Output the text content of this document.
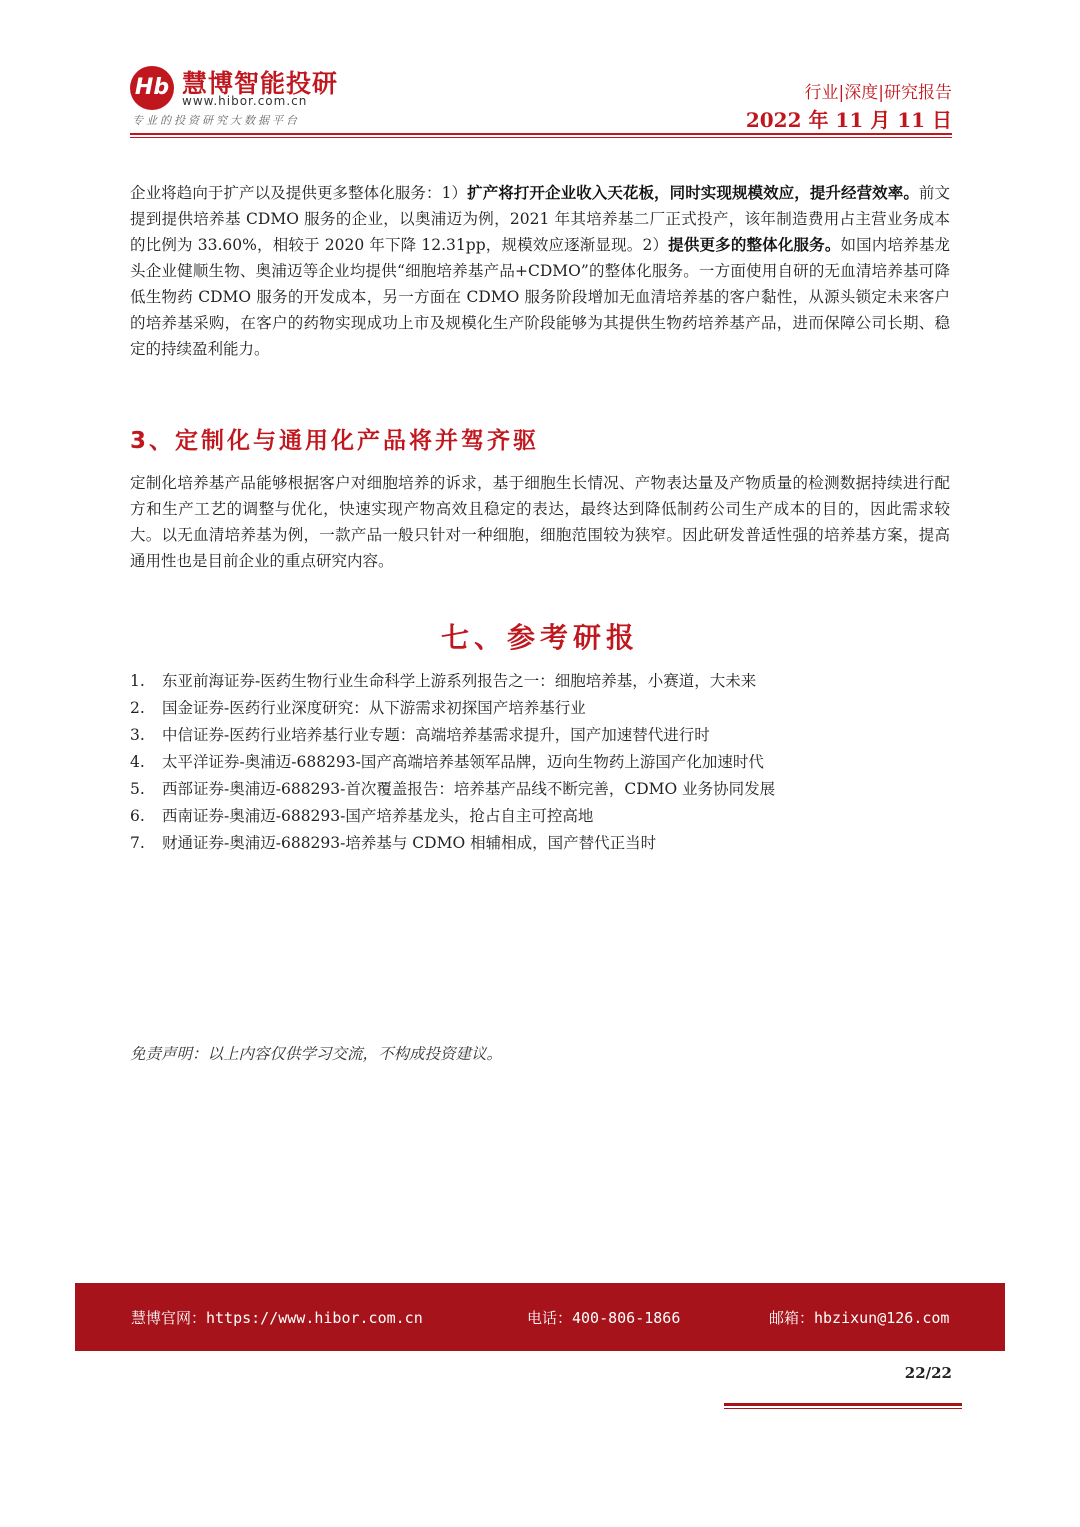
Hb 慧博智能投研
www.hibor.com.cn
专业的投资研究大数据平台
行业|深度|研究报告
2022 年 11 月 11 日
企业将趋向于扩产以及提供更多整体化服务：1）扩产将打开企业收入天花板，同时实现规模效应，提升经营效率。前文提到提供培养基 CDMO 服务的企业，以奥浦迈为例，2021 年其培养基二厂正式投产，该年制造费用占主营业务成本的比例为 33.60%，相较于 2020 年下降 12.31pp，规模效应逐渐显现。2）提供更多的整体化服务。如国内培养基龙头企业健顺生物、奥浦迈等企业均提供“细胞培养基产品+CDMO”的整体化服务。一方面使用自研的无血清培养基可降低生物药 CDMO 服务的开发成本，另一方面在 CDMO 服务阶段增加无血清培养基的客户黏性，从源头锁定未来客户的培养基采购，在客户的药物实现成功上市及规模化生产阶段能够为其提供生物药培养基产品，进而保障公司长期、稳定的持续盈利能力。
3、定制化与通用化产品将并驾齐驱
定制化培养基产品能够根据客户对细胞培养的诉求，基于细胞生长情况、产物表达量及产物质量的检测数据持续进行配方和生产工艺的调整与优化，快速实现产物高效且稳定的表达，最终达到降低制药公司生产成本的目的，因此需求较大。以无血清培养基为例，一款产品一般只针对一种细胞，细胞范围较为狭窄。因此研发普适性强的培养基方案，提高通用性也是目前企业的重点研究内容。
七、参考研报
1. 东亚前海证券-医药生物行业生命科学上游系列报告之一：细胞培养基，小赛道，大未来
2. 国金证券-医药行业深度研究：从下游需求初探国产培养基行业
3. 中信证券-医药行业培养基行业专题：高端培养基需求提升，国产加速替代进行时
4. 太平洋证券-奥浦迈-688293-国产高端培养基领军品牌，迈向生物药上游国产化加速时代
5. 西部证券-奥浦迈-688293-首次覆盖报告：培养基产品线不断完善，CDMO 业务协同发展
6. 西南证券-奥浦迈-688293-国产培养基龙头，抢占自主可控高地
7. 财通证券-奥浦迈-688293-培养基与 CDMO 相辅相成，国产替代正当时
免责声明：以上内容仅供学习交流，不构成投资建议。
慧博官网：https://www.hibor.com.cn	电话：400-806-1866	邮箱：hbzixun@126.com
22/22
